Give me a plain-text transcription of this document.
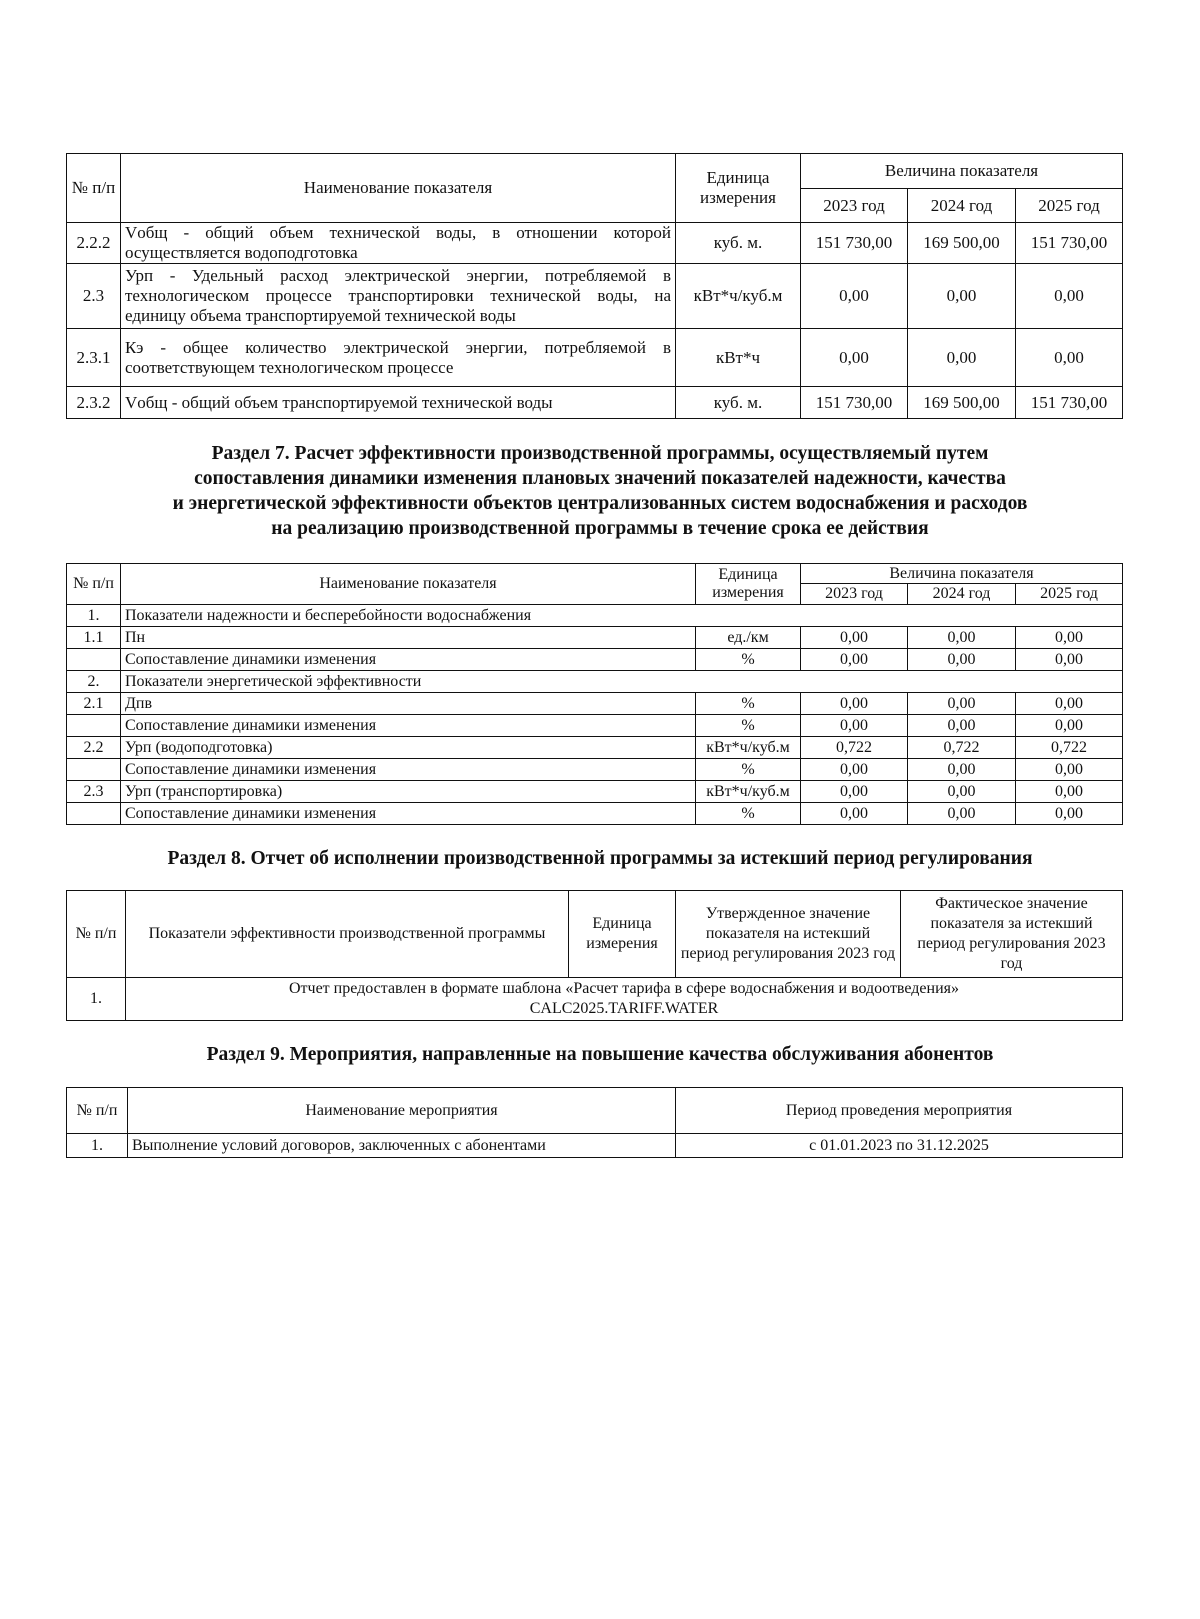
№ п/п	Наименование показателя	Единица измерения	Величина показателя		
			2023 год	2024 год	2025 год
2.2.2	Vобщ - общий объем технической воды, в отношении которой осуществляется водоподготовка	куб. м.	151 730,00	169 500,00	151 730,00
2.3	Урп - Удельный расход электрической энергии, потребляемой в технологическом процессе транспортировки технической воды, на единицу объема транспортируемой технической воды	кВт*ч/куб.м	0,00	0,00	0,00
2.3.1	Кэ - общее количество электрической энергии, потребляемой в соответствующем технологическом процессе	кВт*ч	0,00	0,00	0,00
2.3.2	Vобщ - общий объем транспортируемой технической воды	куб. м.	151 730,00	169 500,00	151 730,00
Раздел 7. Расчет эффективности производственной программы, осуществляемый путем
сопоставления динамики изменения плановых значений показателей надежности, качества
и энергетической эффективности объектов централизованных систем водоснабжения и расходов
на реализацию производственной программы в течение срока ее действия
№ п/п	Наименование показателя	Единица измерения	Величина показателя		
			2023 год	2024 год	2025 год
1.	Показатели надежности и бесперебойности водоснабжения				
1.1	Пн	ед./км	0,00	0,00	0,00
	Сопоставление динамики изменения	%	0,00	0,00	0,00
2.	Показатели энергетической эффективности				
2.1	Дпв	%	0,00	0,00	0,00
	Сопоставление динамики изменения	%	0,00	0,00	0,00
2.2	Урп (водоподготовка)	кВт*ч/куб.м	0,722	0,722	0,722
	Сопоставление динамики изменения	%	0,00	0,00	0,00
2.3	Урп (транспортировка)	кВт*ч/куб.м	0,00	0,00	0,00
	Сопоставление динамики изменения	%	0,00	0,00	0,00
Раздел 8. Отчет об исполнении производственной программы за истекший период регулирования
№ п/п	Показатели эффективности производственной программы	Единица измерения	Утвержденное значение показателя на истекший период регулирования 2023 год	Фактическое значение показателя за истекший период регулирования 2023 год
1.	Отчет предоставлен в формате шаблона «Расчет тарифа в сфере водоснабжения и водоотведения»
CALC2025.TARIFF.WATER			
Раздел 9. Мероприятия, направленные на повышение качества обслуживания абонентов
№ п/п	Наименование мероприятия	Период проведения мероприятия
1.	Выполнение условий договоров, заключенных с абонентами	с 01.01.2023 по 31.12.2025
